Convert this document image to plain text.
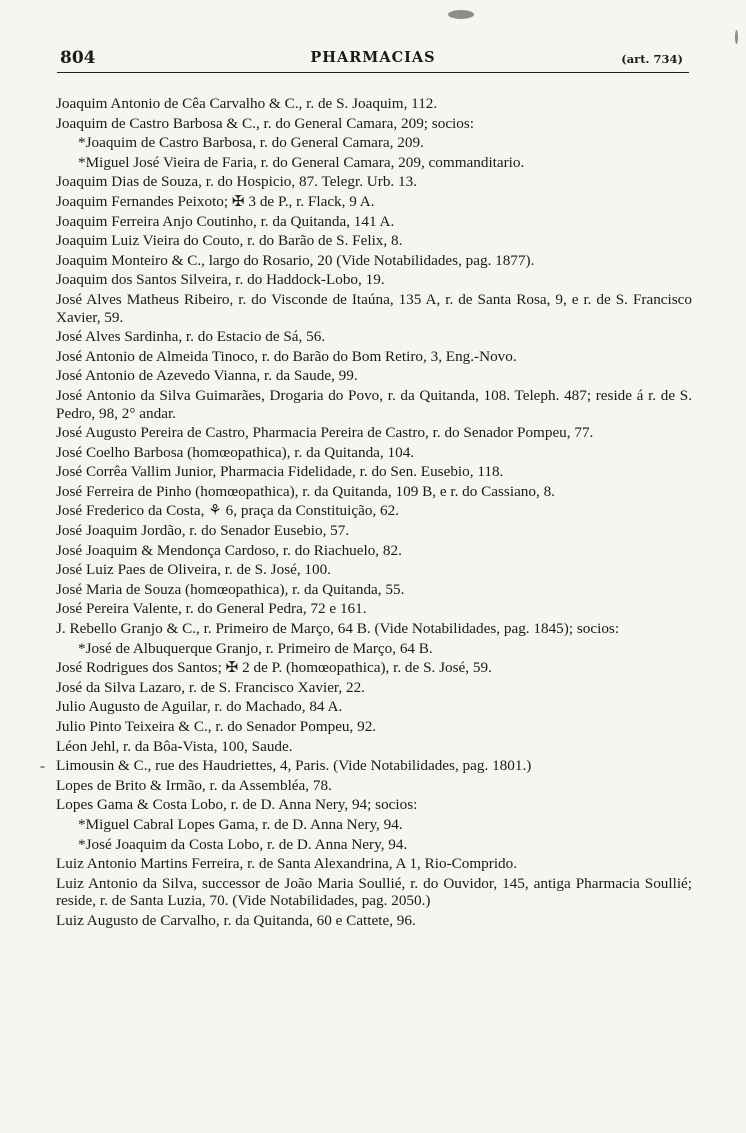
804	PHARMACIAS	(art. 734)

Joaquim Antonio de Cêa Carvalho & C., r. de S. Joaquim, 112.

Joaquim de Castro Barbosa & C., r. do General Camara, 209; socios:

*Joaquim de Castro Barbosa, r. do General Camara, 209.

*Miguel José Vieira de Faria, r. do General Camara, 209, commanditario.

Joaquim Dias de Souza, r. do Hospicio, 87. Telegr. Urb. 13.

Joaquim Fernandes Peixoto; ✠ 3 de P., r. Flack, 9 A.

Joaquim Ferreira Anjo Coutinho, r. da Quitanda, 141 A.

Joaquim Luiz Vieira do Couto, r. do Barão de S. Felix, 8.

Joaquim Monteiro & C., largo do Rosario, 20 (Vide Notabilidades, pag. 1877).

Joaquim dos Santos Silveira, r. do Haddock-Lobo, 19.

José Alves Matheus Ribeiro, r. do Visconde de Itaúna, 135 A, r. de Santa Rosa, 9, e r. de S. Francisco Xavier, 59.

José Alves Sardinha, r. do Estacio de Sá, 56.

José Antonio de Almeida Tinoco, r. do Barão do Bom Retiro, 3, Eng.-Novo.

José Antonio de Azevedo Vianna, r. da Saude, 99.

José Antonio da Silva Guimarães, Drogaria do Povo, r. da Quitanda, 108. Teleph. 487; reside á r. de S. Pedro, 98, 2° andar.

José Augusto Pereira de Castro, Pharmacia Pereira de Castro, r. do Senador Pompeu, 77.

José Coelho Barbosa (homœopathica), r. da Quitanda, 104.

José Corrêa Vallim Junior, Pharmacia Fidelidade, r. do Sen. Eusebio, 118.

José Ferreira de Pinho (homœopathica), r. da Quitanda, 109 B, e r. do Cassiano, 8.

José Frederico da Costa, ⚘ 6, praça da Constituição, 62.

José Joaquim Jordão, r. do Senador Eusebio, 57.

José Joaquim & Mendonça Cardoso, r. do Riachuelo, 82.

José Luiz Paes de Oliveira, r. de S. José, 100.

José Maria de Souza (homœopathica), r. da Quitanda, 55.

José Pereira Valente, r. do General Pedra, 72 e 161.

J. Rebello Granjo & C., r. Primeiro de Março, 64 B. (Vide Notabilidades, pag. 1845); socios:

*José de Albuquerque Granjo, r. Primeiro de Março, 64 B.

José Rodrigues dos Santos; ✠ 2 de P. (homœopathica), r. de S. José, 59.

José da Silva Lazaro, r. de S. Francisco Xavier, 22.

Julio Augusto de Aguilar, r. do Machado, 84 A.

Julio Pinto Teixeira & C., r. do Senador Pompeu, 92.

Léon Jehl, r. da Bôa-Vista, 100, Saude.

Limousin & C., rue des Haudriettes, 4, Paris. (Vide Notabilidades, pag. 1801.)

Lopes de Brito & Irmão, r. da Assembléa, 78.

Lopes Gama & Costa Lobo, r. de D. Anna Nery, 94; socios:

*Miguel Cabral Lopes Gama, r. de D. Anna Nery, 94.

*José Joaquim da Costa Lobo, r. de D. Anna Nery, 94.

Luiz Antonio Martins Ferreira, r. de Santa Alexandrina, A 1, Rio-Comprido.

Luiz Antonio da Silva, successor de João Maria Soullié, r. do Ouvidor, 145, antiga Pharmacia Soullié; reside, r. de Santa Luzia, 70. (Vide Notabilidades, pag. 2050.)

Luiz Augusto de Carvalho, r. da Quitanda, 60 e Cattete, 96.
